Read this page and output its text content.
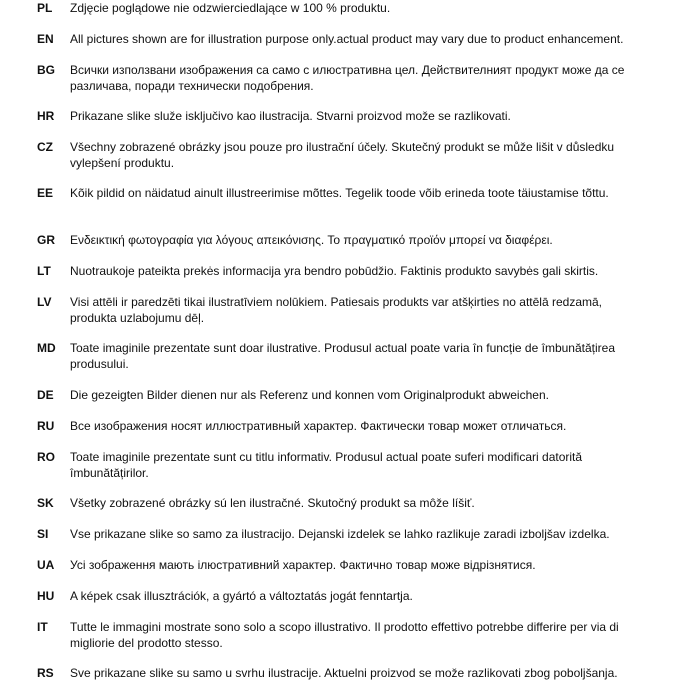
PL Zdjęcie poglądowe nie odzwierciedlające w 100 % produktu.
EN All pictures shown are for illustration purpose only.actual product may vary due to product enhancement.
BG Всички използвани изображения са само с илюстративна цел. Действителният продукт може да се различава, поради технически подобрения.
HR Prikazane slike služe isključivo kao ilustracija. Stvarni proizvod može se razlikovati.
CZ Všechny zobrazené obrázky jsou pouze pro ilustrační účely. Skutečný produkt se může lišit v důsledku vylepšení produktu.
EE Kõik pildid on näidatud ainult illustreerimise mõttes. Tegelik toode võib erineda toote täiustamise tõttu.
GR Ενδεικτική φωτογραφία για λόγους απεικόνισης. Το πραγματικό προϊόν μπορεί να διαφέρει.
LT Nuotraukoje pateikta prekės informacija yra bendro pobūdžio. Faktinis produkto savybės gali skirtis.
LV Visi attēli ir paredzēti tikai ilustratīviem nolūkiem. Patiesais produkts var atšķirties no attēlā redzamā, produkta uzlabojumu dēļ.
MD Toate imaginile prezentate sunt doar ilustrative. Produsul actual poate varia în funcție de îmbunătățirea produsului.
DE Die gezeigten Bilder dienen nur als Referenz und konnen vom Originalprodukt abweichen.
RU Все изображения носят иллюстративный характер. Фактически товар может отличаться.
RO Toate imaginile prezentate sunt cu titlu informativ. Produsul actual poate suferi modificari datorită îmbunătățirilor.
SK Všetky zobrazené obrázky sú len ilustračné. Skutočný produkt sa môže líšiť.
SI Vse prikazane slike so samo za ilustracijo. Dejanski izdelek se lahko razlikuje zaradi izboljšav izdelka.
UA Усі зображення мають ілюстративний характер. Фактично товар може відрізнятися.
HU A képek csak illusztrációk, a gyártó a változtatás jogát fenntartja.
IT Tutte le immagini mostrate sono solo a scopo illustrativo. Il prodotto effettivo potrebbe differire per via di migliorie del prodotto stesso.
RS Sve prikazane slike su samo u svrhu ilustracije. Aktuelni proizvod se može razlikovati zbog poboljšanja.
